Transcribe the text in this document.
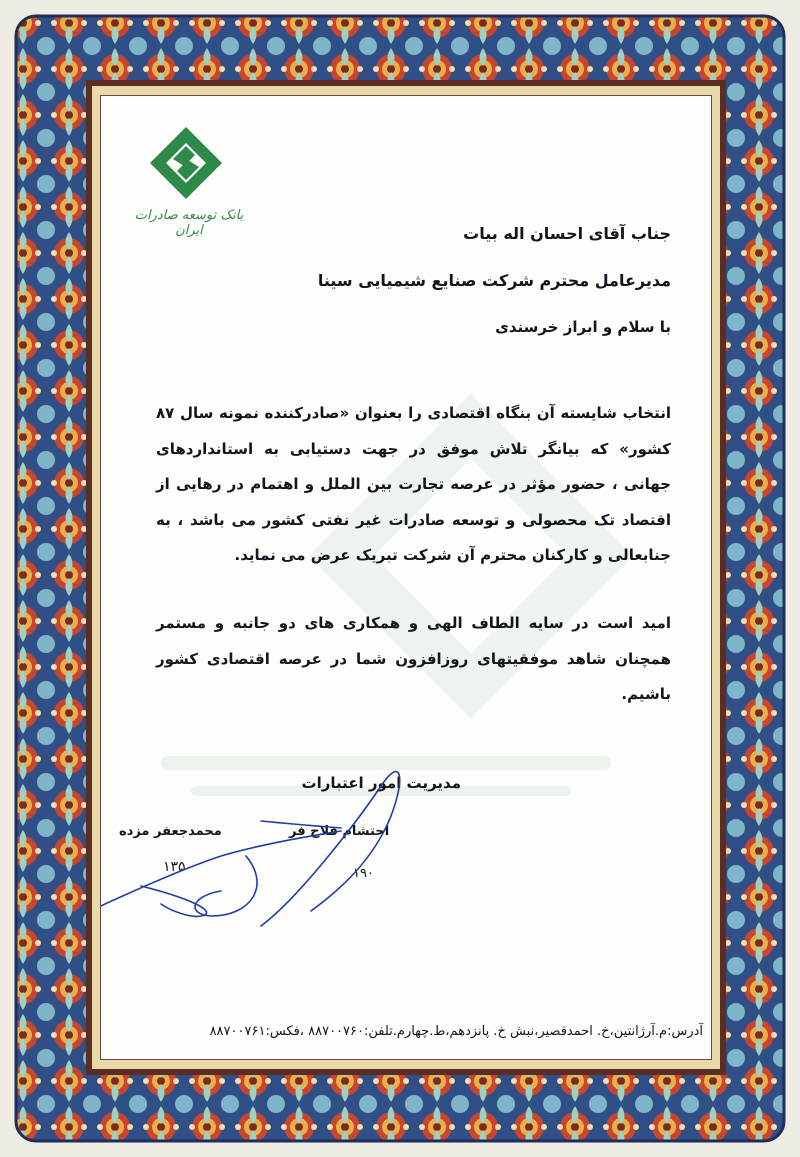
بانک توسعه صادرات ایران	جناب آقای احسان اله بیات
مدیرعامل محترم شرکت صنایع شیمیایی سینا
با سلام و ابراز خرسندی
انتخاب شایسته آن بنگاه اقتصادی را بعنوان «صادرکننده نمونه سال ۸۷ کشور» که بیانگر تلاش موفق در جهت دستیابی به استانداردهای جهانی ، حضور مؤثر در عرصه تجارت بین الملل و اهتمام در رهایی از اقتصاد تک محصولی و توسعه صادرات غیر نفتی کشور می باشد ، به جنابعالی و کارکنان محترم آن شرکت تبریک عرض می نماید.
امید است در سایه الطاف الهی و همکاری های دو جانبه و مستمر همچنان شاهد موفقیتهای روزافزون شما در عرصه اقتصادی کشور باشیم.
مدیریت امور اعتبارات
احتشام فلاح فر
محمدجعفر مزده
۱۳۵	۱۹۰
آدرس:م.آرژانتین،خ. احمدقصیر،نبش خ. پانزدهم،ط.چهارم.تلفن:۸۸۷۰۰۷۶۰ ،فکس:۸۸۷۰۰۷۶۱
